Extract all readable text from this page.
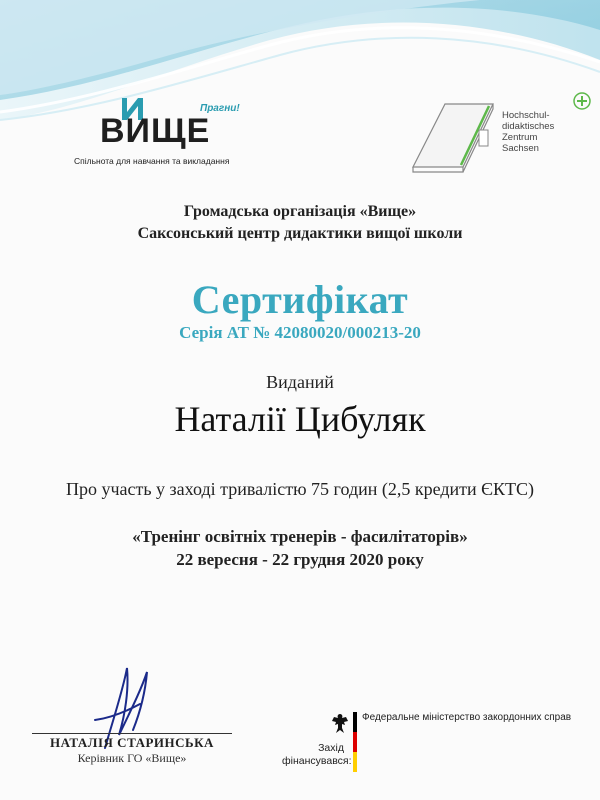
ВИЩЕ
Прагни!
Спільнота для навчання та викладання
Hochschul-
didaktisches
Zentrum
Sachsen
Громадська організація «Вище»
Саксонський центр дидактики вищої школи
Сертифікат
Серія АТ № 42080020/000213-20
Виданий
Наталії Цибуляк
Про участь у заході тривалістю 75 годин (2,5 кредити ЄКТС)
«Тренінг освітніх тренерів - фасилітаторів»
22 вересня - 22 грудня 2020 року
НАТАЛІЯ СТАРИНСЬКА
Керівник ГО «Вище»
Захід фінансувався:
Федеральне міністерство закордонних справ
